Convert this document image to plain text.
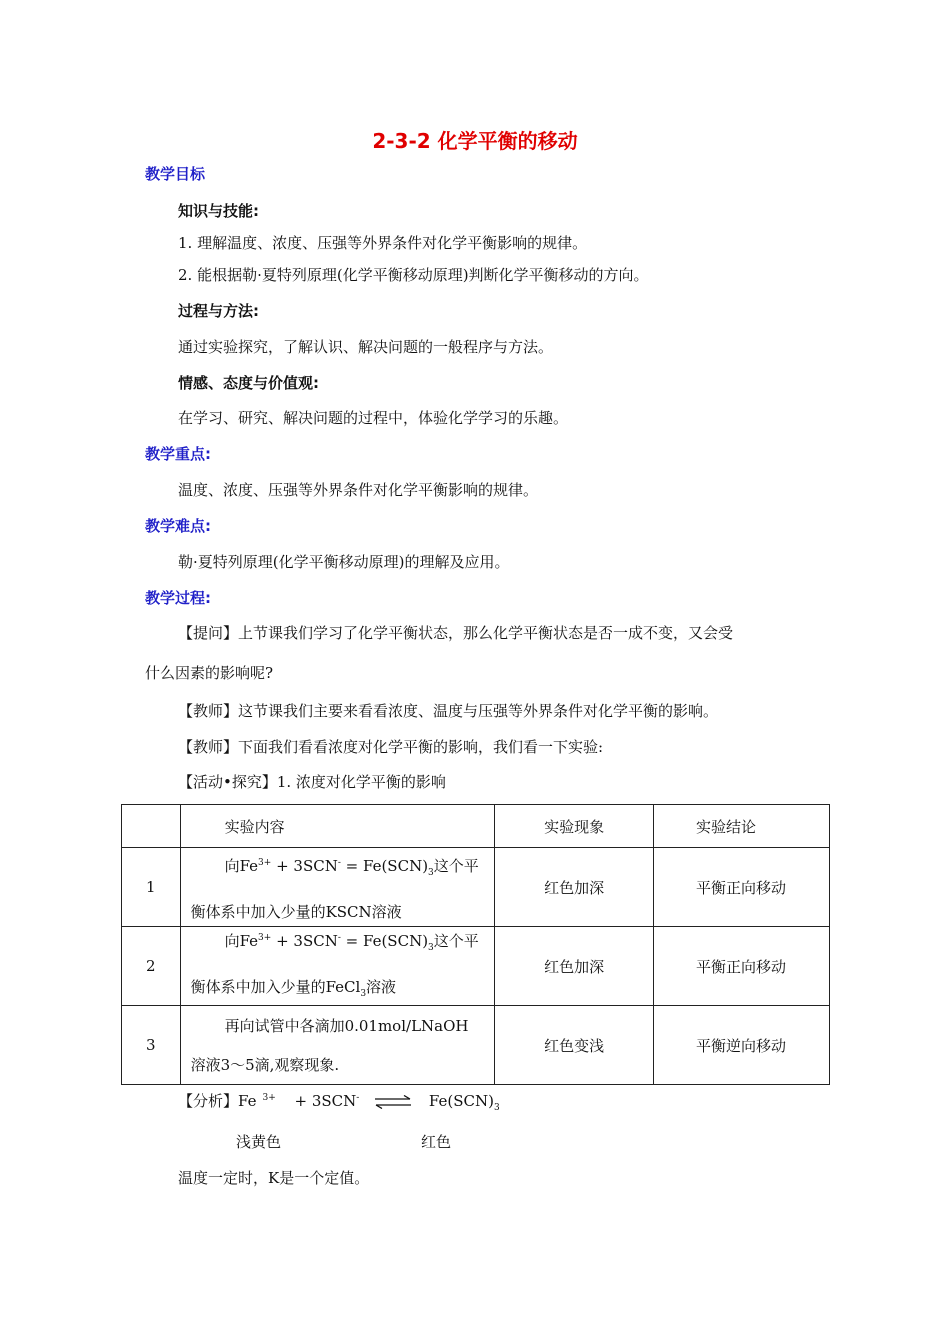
2-3-2 化学平衡的移动
教学目标
知识与技能:
1. 理解温度、浓度、压强等外界条件对化学平衡影响的规律。
2. 能根据勒·夏特列原理(化学平衡移动原理)判断化学平衡移动的方向。
过程与方法:
通过实验探究，了解认识、解决问题的一般程序与方法。
情感、态度与价值观:
在学习、研究、解决问题的过程中，体验化学学习的乐趣。
教学重点:
温度、浓度、压强等外界条件对化学平衡影响的规律。
教学难点:
勒·夏特列原理(化学平衡移动原理)的理解及应用。
教学过程:
【提问】上节课我们学习了化学平衡状态，那么化学平衡状态是否一成不变，又会受
什么因素的影响呢?
【教师】这节课我们主要来看看浓度、温度与压强等外界条件对化学平衡的影响。
【教师】下面我们看看浓度对化学平衡的影响，我们看一下实验:
【活动•探究】1. 浓度对化学平衡的影响
	实验内容	实验现象	实验结论
1	向$Fe^{3+} + 3SCN^- = Fe(SCN)_3$这个平
衡体系中加入少量的KSCN溶液	红色加深	平衡正向移动
2	向$Fe^{3+} + 3SCN^- = Fe(SCN)_3$这个平
衡体系中加入少量的FeCl$_3$溶液	红色加深	平衡正向移动
3	再向试管中各滴加0.01mol/LNaOH
溶液3～5滴,观察现象.	红色变浅	平衡逆向移动
【分析】Fe $^{3+}$ + 3SCN- ⇌ $Fe(SCN)_3$
浅黄色	红色
温度一定时，K是一个定值。
